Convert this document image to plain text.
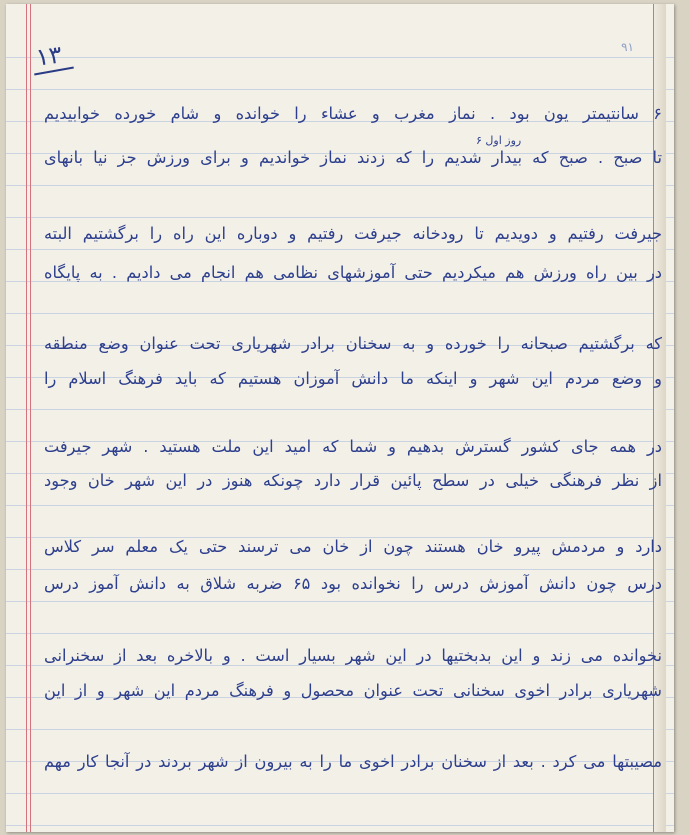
۱۳	۹۱
روز اول ۶
۶ سانتیمتر یون بود . نماز مغرب و عشاء را خوانده و شام خورده خوابیدیم
تا صبح . صبح که بیدار شدیم را که زدند نماز خواندیم و برای ورزش جز نیا بانهای
جیرفت رفتیم و دویدیم تا رودخانه جیرفت رفتیم و دوباره این راه را برگشتیم البته
در بین راه ورزش هم میکردیم حتی آموزشهای نظامی هم انجام می دادیم . به پایگاه
که برگشتیم صبحانه را خورده و به سخنان برادر شهریاری تحت عنوان وضع منطقه
و وضع مردم این شهر و اینکه ما دانش آموزان هستیم که باید فرهنگ اسلام را
در همه جای کشور گسترش بدهیم و شما که امید این ملت هستید . شهر جیرفت
از نظر فرهنگی خیلی در سطح پائین قرار دارد چونکه هنوز در این شهر خان وجود
دارد و مردمش پیرو خان هستند چون از خان می ترسند حتی یک معلم سر کلاس
درس چون دانش آموزش درس را نخوانده بود ۶۵ ضربه شلاق به دانش آموز درس
نخوانده می زند و این بدبختیها در این شهر بسیار است . و بالاخره بعد از سخنرانی
شهریاری برادر اخوی سخنانی تحت عنوان محصول و فرهنگ مردم این شهر و از این
مصیبتها می کرد . بعد از سخنان برادر اخوی ما را به بیرون از شهر بردند در آنجا کار مهم
